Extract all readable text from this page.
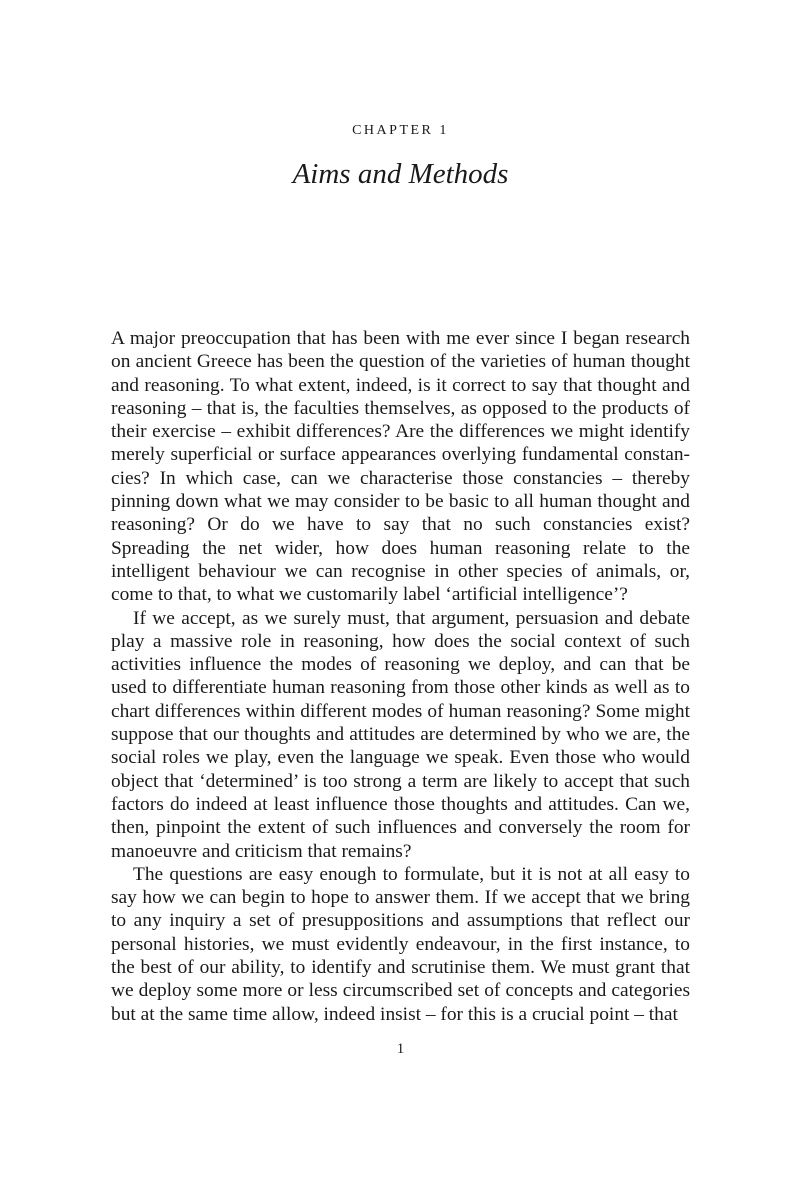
CHAPTER 1
Aims and Methods

A major preoccupation that has been with me ever since I began research on ancient Greece has been the question of the varieties of human thought and reasoning. To what extent, indeed, is it correct to say that thought and reasoning – that is, the faculties themselves, as opposed to the products of their exercise – exhibit differences? Are the differences we might identify merely superficial or surface appearances overlying fundamental constancies? In which case, can we characterise those constancies – thereby pinning down what we may consider to be basic to all human thought and reasoning? Or do we have to say that no such constancies exist? Spreading the net wider, how does human reasoning relate to the intelligent behaviour we can recognise in other species of animals, or, come to that, to what we customarily label ‘artificial intelligence’?

If we accept, as we surely must, that argument, persuasion and debate play a massive role in reasoning, how does the social context of such activities influence the modes of reasoning we deploy, and can that be used to differentiate human reasoning from those other kinds as well as to chart differences within different modes of human reasoning? Some might suppose that our thoughts and attitudes are determined by who we are, the social roles we play, even the language we speak. Even those who would object that ‘determined’ is too strong a term are likely to accept that such factors do indeed at least influence those thoughts and attitudes. Can we, then, pinpoint the extent of such influences and conversely the room for manoeuvre and criticism that remains?

The questions are easy enough to formulate, but it is not at all easy to say how we can begin to hope to answer them. If we accept that we bring to any inquiry a set of presuppositions and assumptions that reflect our personal histories, we must evidently endeavour, in the first instance, to the best of our ability, to identify and scrutinise them. We must grant that we deploy some more or less circumscribed set of concepts and categories but at the same time allow, indeed insist – for this is a crucial point – that

1
